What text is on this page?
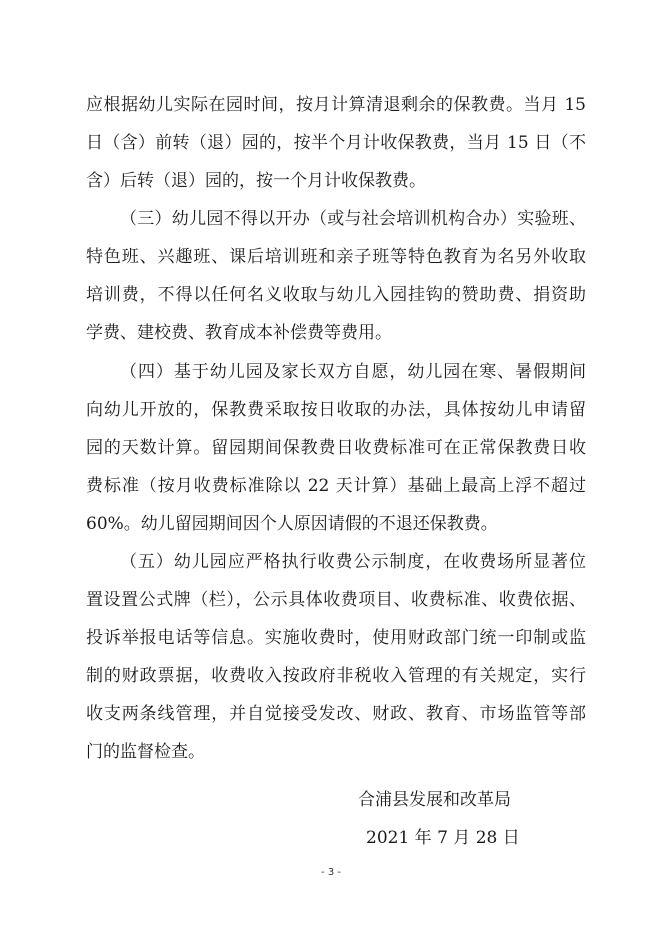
应根据幼儿实际在园时间，按月计算清退剩余的保教费。当月 15
日（含）前转（退）园的，按半个月计收保教费，当月 15 日（不
含）后转（退）园的，按一个月计收保教费。
（三）幼儿园不得以开办（或与社会培训机构合办）实验班、
特色班、兴趣班、课后培训班和亲子班等特色教育为名另外收取
培训费，不得以任何名义收取与幼儿入园挂钩的赞助费、捐资助
学费、建校费、教育成本补偿费等费用。
（四）基于幼儿园及家长双方自愿，幼儿园在寒、暑假期间
向幼儿开放的，保教费采取按日收取的办法，具体按幼儿申请留
园的天数计算。留园期间保教费日收费标准可在正常保教费日收
费标准（按月收费标准除以 22 天计算）基础上最高上浮不超过
60%。幼儿留园期间因个人原因请假的不退还保教费。
（五）幼儿园应严格执行收费公示制度，在收费场所显著位
置设置公式牌（栏），公示具体收费项目、收费标准、收费依据、
投诉举报电话等信息。实施收费时，使用财政部门统一印制或监
制的财政票据，收费收入按政府非税收入管理的有关规定，实行
收支两条线管理，并自觉接受发改、财政、教育、市场监管等部
门的监督检查。
合浦县发展和改革局
2021 年 7 月 28 日
- 3 -
